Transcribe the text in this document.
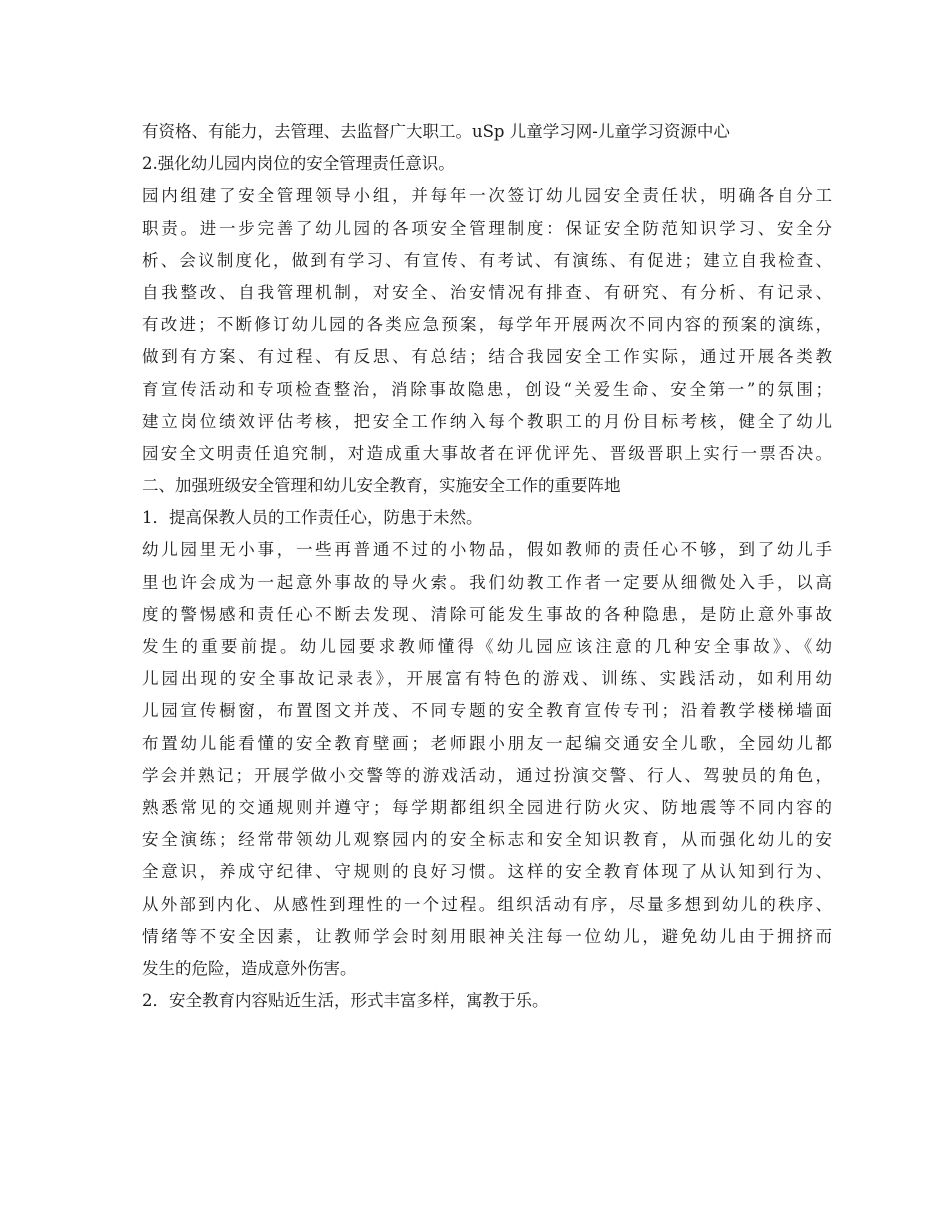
有资格、有能力，去管理、去监督广大职工。uSp 儿童学习网-儿童学习资源中心
2.强化幼儿园内岗位的安全管理责任意识。
园内组建了安全管理领导小组，并每年一次签订幼儿园安全责任状，明确各自分工
职责。进一步完善了幼儿园的各项安全管理制度：保证安全防范知识学习、安全分
析、会议制度化，做到有学习、有宣传、有考试、有演练、有促进；建立自我检查、
自我整改、自我管理机制，对安全、治安情况有排查、有研究、有分析、有记录、
有改进；不断修订幼儿园的各类应急预案，每学年开展两次不同内容的预案的演练，
做到有方案、有过程、有反思、有总结；结合我园安全工作实际，通过开展各类教
育宣传活动和专项检查整治，消除事故隐患，创设“关爱生命、安全第一”的氛围；
建立岗位绩效评估考核，把安全工作纳入每个教职工的月份目标考核，健全了幼儿
园安全文明责任追究制，对造成重大事故者在评优评先、晋级晋职上实行一票否决。
二、加强班级安全管理和幼儿安全教育，实施安全工作的重要阵地
1．提高保教人员的工作责任心，防患于未然。
幼儿园里无小事，一些再普通不过的小物品，假如教师的责任心不够，到了幼儿手
里也许会成为一起意外事故的导火索。我们幼教工作者一定要从细微处入手，以高
度的警惕感和责任心不断去发现、清除可能发生事故的各种隐患，是防止意外事故
发生的重要前提。幼儿园要求教师懂得《幼儿园应该注意的几种安全事故》、《幼
儿园出现的安全事故记录表》，开展富有特色的游戏、训练、实践活动，如利用幼
儿园宣传橱窗，布置图文并茂、不同专题的安全教育宣传专刊；沿着教学楼梯墙面
布置幼儿能看懂的安全教育壁画；老师跟小朋友一起编交通安全儿歌，全园幼儿都
学会并熟记；开展学做小交警等的游戏活动，通过扮演交警、行人、驾驶员的角色，
熟悉常见的交通规则并遵守；每学期都组织全园进行防火灾、防地震等不同内容的
安全演练；经常带领幼儿观察园内的安全标志和安全知识教育，从而强化幼儿的安
全意识，养成守纪律、守规则的良好习惯。这样的安全教育体现了从认知到行为、
从外部到内化、从感性到理性的一个过程。组织活动有序，尽量多想到幼儿的秩序、
情绪等不安全因素，让教师学会时刻用眼神关注每一位幼儿，避免幼儿由于拥挤而
发生的危险，造成意外伤害。
2．安全教育内容贴近生活，形式丰富多样，寓教于乐。
